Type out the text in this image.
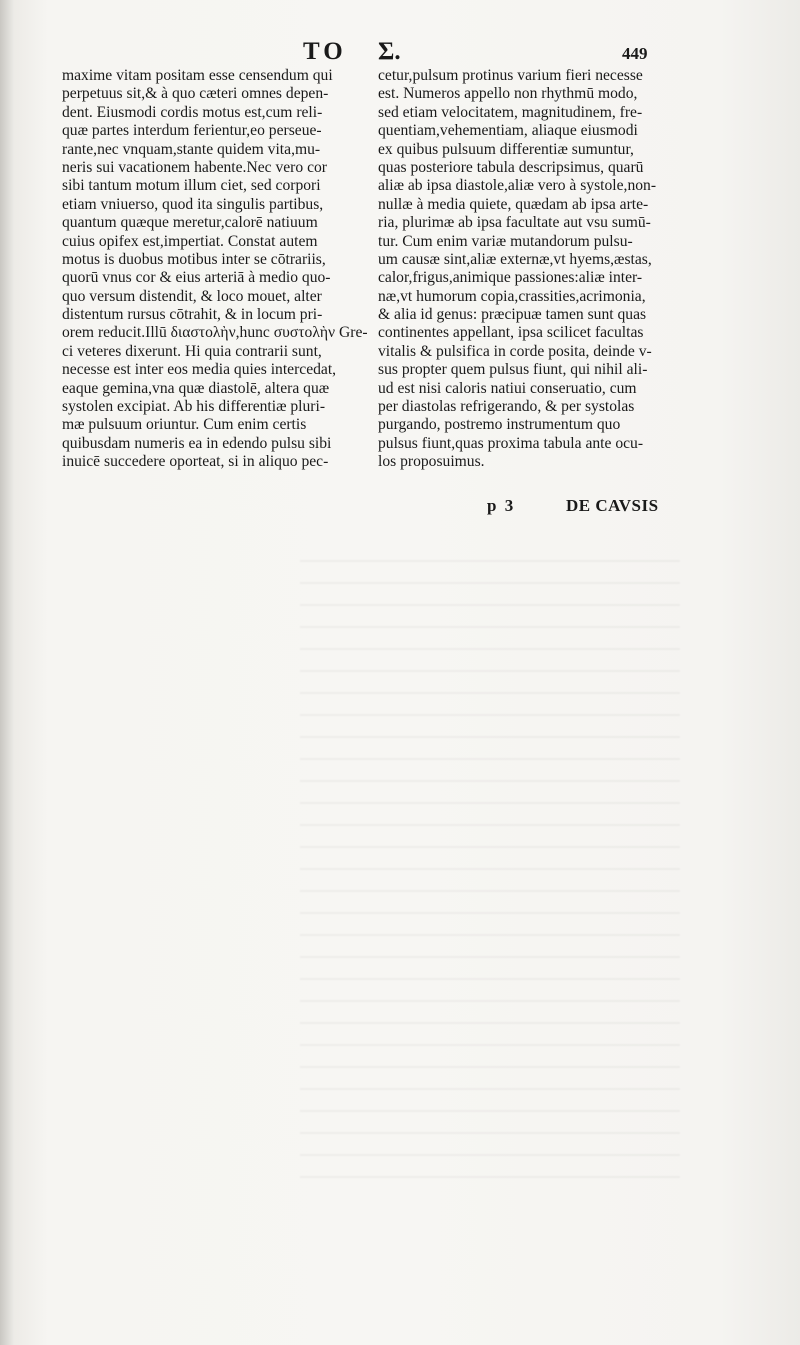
TO Σ.	449
maxime vitam positam esse censendum qui
perpetuus sit,& à quo cæteri omnes depen-
dent. Eiusmodi cordis motus est,cum reli-
quæ partes interdum ferientur,eo perseue-
rante,nec vnquam,stante quidem vita,mu-
neris sui vacationem habente.Nec vero cor
sibi tantum motum illum ciet, sed corpori
etiam vniuerso, quod ita singulis partibus,
quantum quæque meretur,calorē natiuum
cuius opifex est,impertiat. Constat autem
motus is duobus motibus inter se cōtrariis,
quorū vnus cor & eius arteriā à medio quo-
quo versum distendit, & loco mouet, alter
distentum rursus cōtrahit, & in locum pri-
orem reducit.Illū διαστολὴν,hunc συστολὴν Gre-
ci veteres dixerunt. Hi quia contrarii sunt,
necesse est inter eos media quies intercedat,
eaque gemina,vna quæ diastolē, altera quæ
systolen excipiat. Ab his differentiæ pluri-
mæ pulsuum oriuntur. Cum enim certis
quibusdam numeris ea in edendo pulsu sibi
inuicē succedere oporteat, si in aliquo pec-
cetur,pulsum protinus varium fieri necesse
est. Numeros appello non rhythmū modo,
sed etiam velocitatem, magnitudinem, fre-
quentiam,vehementiam, aliaque eiusmodi
ex quibus pulsuum differentiæ sumuntur,
quas posteriore tabula descripsimus, quarū
aliæ ab ipsa diastole,aliæ vero à systole,non-
nullæ à media quiete, quædam ab ipsa arte-
ria, plurimæ ab ipsa facultate aut vsu sumū-
tur. Cum enim variæ mutandorum pulsu-
um causæ sint,aliæ externæ,vt hyems,æstas,
calor,frigus,animique passiones:aliæ inter-
næ,vt humorum copia,crassities,acrimonia,
& alia id genus: præcipuæ tamen sunt quas
continentes appellant, ipsa scilicet facultas
vitalis & pulsifica in corde posita, deinde v-
sus propter quem pulsus fiunt, qui nihil ali-
ud est nisi caloris natiui conseruatio, cum
per diastolas refrigerando, & per systolas
purgando, postremo instrumentum quo
pulsus fiunt,quas proxima tabula ante ocu-
los proposuimus.
p 3	DE CAVSIS
